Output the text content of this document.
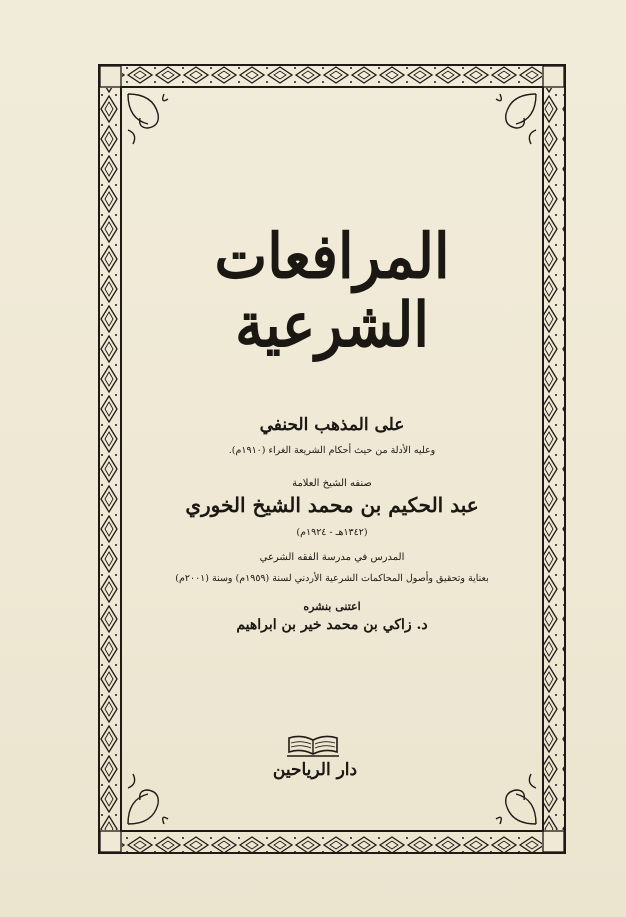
المرافعات الشرعية
على المذهب الحنفي
وعليه الأدلة من حيث أحكام الشريعة الغراء (١٩١٠م).
صنفه الشيخ العلامة
عبد الحكيم بن محمد الشيخ الخوري
(١٣٤٢هـ - ١٩٢٤م)
المدرس في مدرسة الفقه الشرعي
بعناية وتحقيق وأصول المحاكمات الشرعية الأردني لسنة (١٩٥٩م) وسنة (٢٠٠١م)
اعتنى بنشره
د. زاكي بن محمد خير بن ابراهيم
دار الرياحين
